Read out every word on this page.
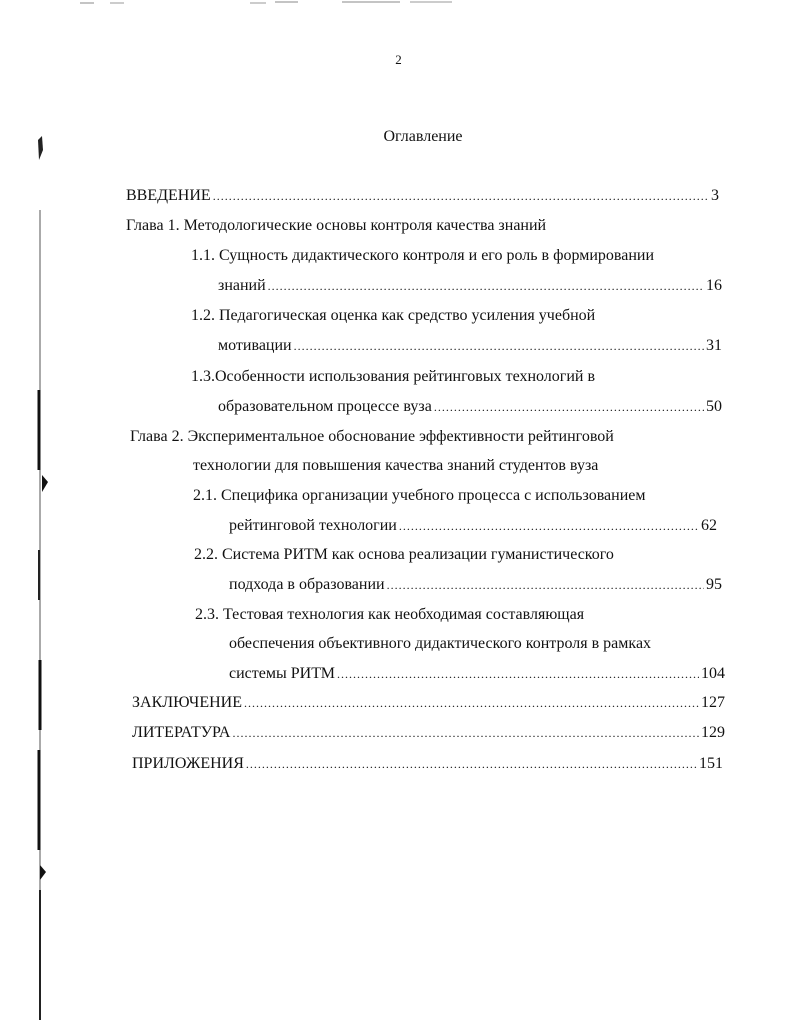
2
Оглавление
ВВЕДЕНИЕ .....	3
Глава 1. Методологические основы контроля качества знаний
1.1. Сущность дидактического контроля и его роль в формировании
знаний .....	16
1.2. Педагогическая оценка как средство усиления учебной
мотивации .....	31
1.3.Особенности использования рейтинговых технологий в
образовательном процессе вуза .....	50
Глава 2. Экспериментальное обоснование эффективности рейтинговой
технологии для повышения качества знаний студентов вуза
2.1. Специфика организации учебного процесса с использованием
рейтинговой технологии .....	62
2.2. Система РИТМ как основа реализации гуманистического
подхода в образовании .....	95
2.3. Тестовая технология как необходимая составляющая
обеспечения объективного дидактического контроля в рамках
системы РИТМ .....	104
ЗАКЛЮЧЕНИЕ .....	127
ЛИТЕРАТУРА .....	129
ПРИЛОЖЕНИЯ .....	151
